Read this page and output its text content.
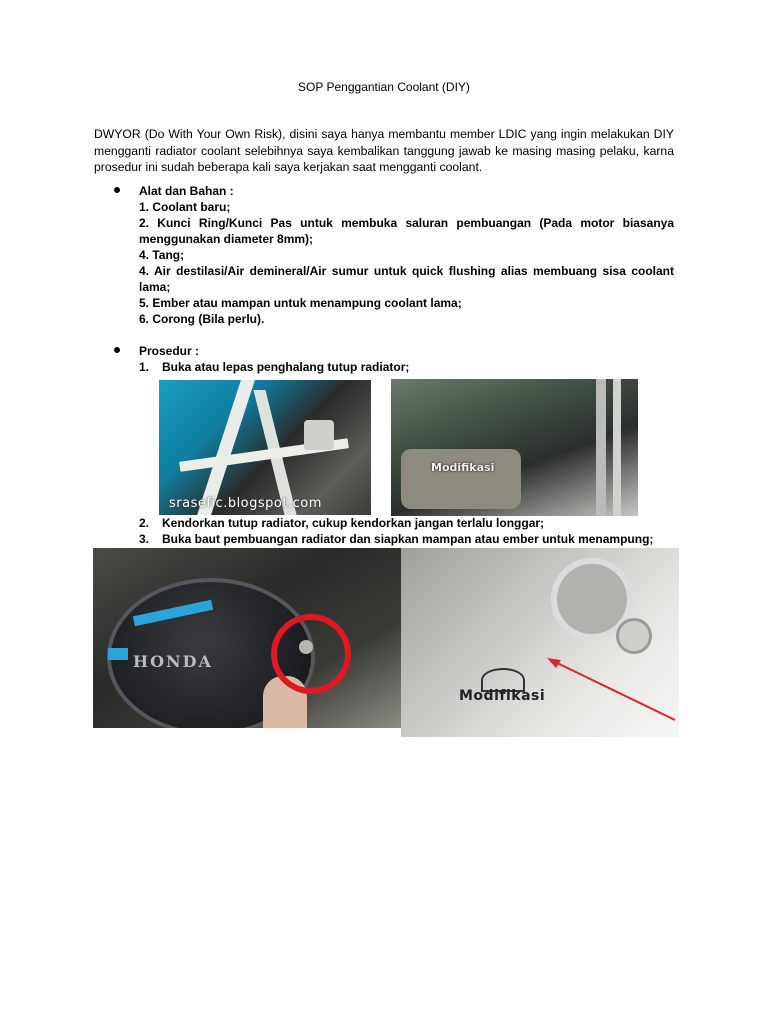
SOP Penggantian Coolant (DIY)

DWYOR (Do With Your Own Risk), disini saya hanya membantu member LDIC yang ingin melakukan DIY mengganti radiator coolant selebihnya saya kembalikan tanggung jawab ke masing masing pelaku, karna prosedur ini sudah beberapa kali saya kerjakan saat mengganti coolant.

Alat dan Bahan :
1. Coolant baru;
2. Kunci Ring/Kunci Pas untuk membuka saluran pembuangan (Pada motor biasanya menggunakan diameter 8mm);
4. Tang;
4. Air destilasi/Air demineral/Air sumur untuk quick flushing alias membuang sisa coolant lama;
5. Ember atau mampan untuk menampung coolant lama;
6. Corong (Bila perlu).
Prosedur :
1. Buka atau lepas penghalang tutup radiator;
srasefic.blogspot.com
Modifikasi
2. Kendorkan tutup radiator, cukup kendorkan jangan terlalu longgar;
3. Buka baut pembuangan radiator dan siapkan mampan atau ember untuk menampung;
HONDA
Modifikasi
